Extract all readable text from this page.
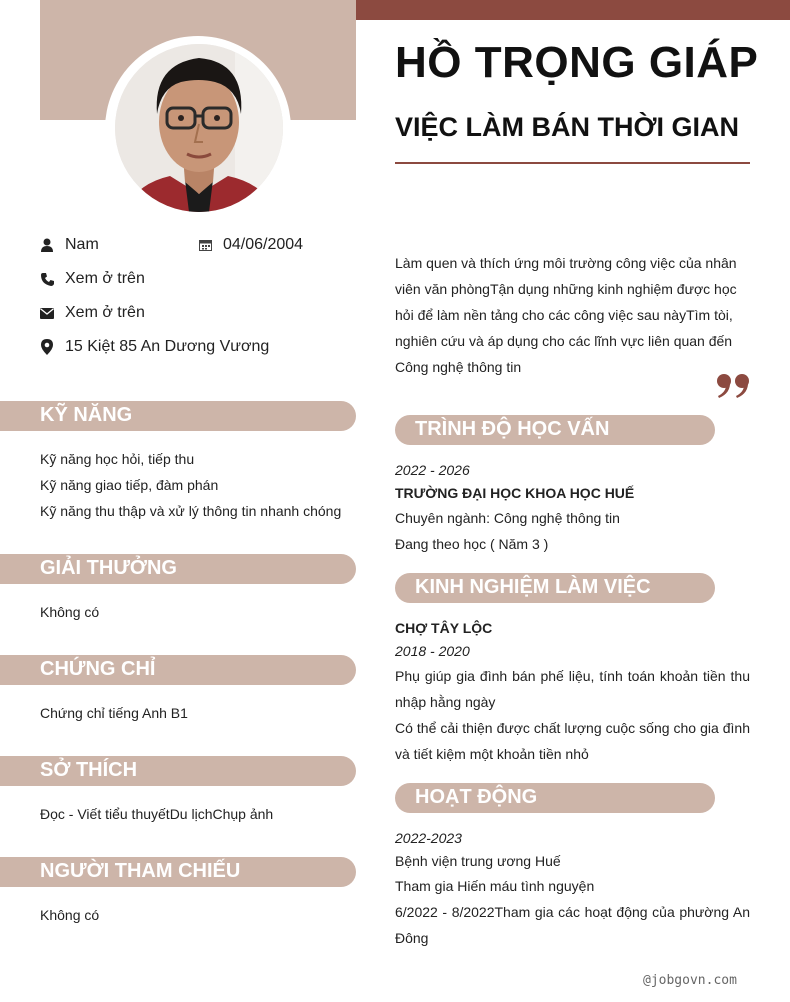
HỒ TRỌNG GIÁP
VIỆC LÀM BÁN THỜI GIAN
Nam	04/06/2004
Xem ở trên
Xem ở trên
15 Kiệt 85 An Dương Vương
Làm quen và thích ứng môi trường công việc của nhân viên văn phòngTận dụng những kinh nghiệm được học hỏi để làm nền tảng cho các công việc sau nàyTìm tòi, nghiên cứu và áp dụng cho các lĩnh vực liên quan đến Công nghệ thông tin
KỸ NĂNG
Kỹ năng học hỏi, tiếp thu
Kỹ năng giao tiếp, đàm phán
Kỹ năng thu thập và xử lý thông tin nhanh chóng
GIẢI THƯỞNG
Không có
CHỨNG CHỈ
Chứng chỉ tiếng Anh B1
SỞ THÍCH
Đọc - Viết tiểu thuyếtDu lịchChụp ảnh
NGƯỜI THAM CHIẾU
Không có
TRÌNH ĐỘ HỌC VẤN
2022 - 2026
TRƯỜNG ĐẠI HỌC KHOA HỌC HUẾ
Chuyên ngành: Công nghệ thông tin
Đang theo học ( Năm 3 )
KINH NGHIỆM LÀM VIỆC
CHỢ TÂY LỘC
2018 - 2020
Phụ giúp gia đình bán phế liệu, tính toán khoản tiền thu nhập hằng ngày
Có thể cải thiện được chất lượng cuộc sống cho gia đình và tiết kiệm một khoản tiền nhỏ
HOẠT ĐỘNG
2022-2023
Bệnh viện trung ương Huế
Tham gia Hiến máu tình nguyện
6/2022 - 8/2022Tham gia các hoạt động của phường An Đông
@jobgovn.com
